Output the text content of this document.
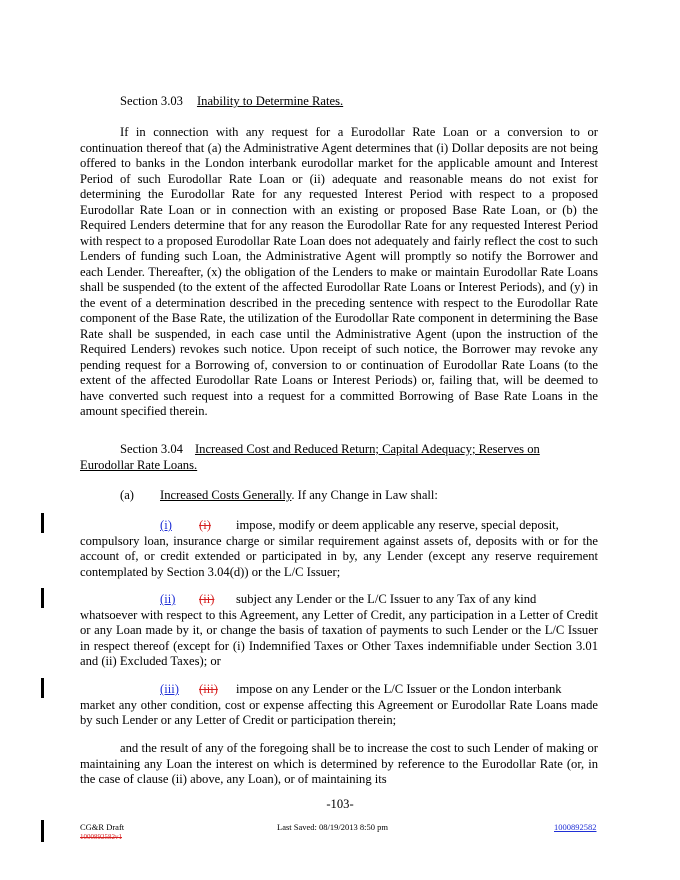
Section 3.03 Inability to Determine Rates.

If in connection with any request for a Eurodollar Rate Loan or a conversion to or continuation thereof that (a) the Administrative Agent determines that (i) Dollar deposits are not being offered to banks in the London interbank eurodollar market for the applicable amount and Interest Period of such Eurodollar Rate Loan or (ii) adequate and reasonable means do not exist for determining the Eurodollar Rate for any requested Interest Period with respect to a proposed Eurodollar Rate Loan or in connection with an existing or proposed Base Rate Loan, or (b) the Required Lenders determine that for any reason the Eurodollar Rate for any requested Interest Period with respect to a proposed Eurodollar Rate Loan does not adequately and fairly reflect the cost to such Lenders of funding such Loan, the Administrative Agent will promptly so notify the Borrower and each Lender. Thereafter, (x) the obligation of the Lenders to make or maintain Eurodollar Rate Loans shall be suspended (to the extent of the affected Eurodollar Rate Loans or Interest Periods), and (y) in the event of a determination described in the preceding sentence with respect to the Eurodollar Rate component of the Base Rate, the utilization of the Eurodollar Rate component in determining the Base Rate shall be suspended, in each case until the Administrative Agent (upon the instruction of the Required Lenders) revokes such notice. Upon receipt of such notice, the Borrower may revoke any pending request for a Borrowing of, conversion to or continuation of Eurodollar Rate Loans (to the extent of the affected Eurodollar Rate Loans or Interest Periods) or, failing that, will be deemed to have converted such request into a request for a committed Borrowing of Base Rate Loans in the amount specified therein.

Section 3.04 Increased Cost and Reduced Return; Capital Adequacy; Reserves on Eurodollar Rate Loans.
(a) Increased Costs Generally. If any Change in Law shall:
(i) (i) impose, modify or deem applicable any reserve, special deposit,
compulsory loan, insurance charge or similar requirement against assets of, deposits with or for the account of, or credit extended or participated in by, any Lender (except any reserve requirement contemplated by Section 3.04(d)) or the L/C Issuer;
(ii) (ii) subject any Lender or the L/C Issuer to any Tax of any kind
whatsoever with respect to this Agreement, any Letter of Credit, any participation in a Letter of Credit or any Loan made by it, or change the basis of taxation of payments to such Lender or the L/C Issuer in respect thereof (except for (i) Indemnified Taxes or Other Taxes indemnifiable under Section 3.01 and (ii) Excluded Taxes); or
(iii) (iii) impose on any Lender or the L/C Issuer or the London interbank
market any other condition, cost or expense affecting this Agreement or Eurodollar Rate Loans made by such Lender or any Letter of Credit or participation therein;

and the result of any of the foregoing shall be to increase the cost to such Lender of making or maintaining any Loan the interest on which is determined by reference to the Eurodollar Rate (or, in the case of clause (ii) above, any Loan), or of maintaining its

-103-
CG&R Draft
1000892582v1
Last Saved: 08/19/2013 8:50 pm	1000892582
